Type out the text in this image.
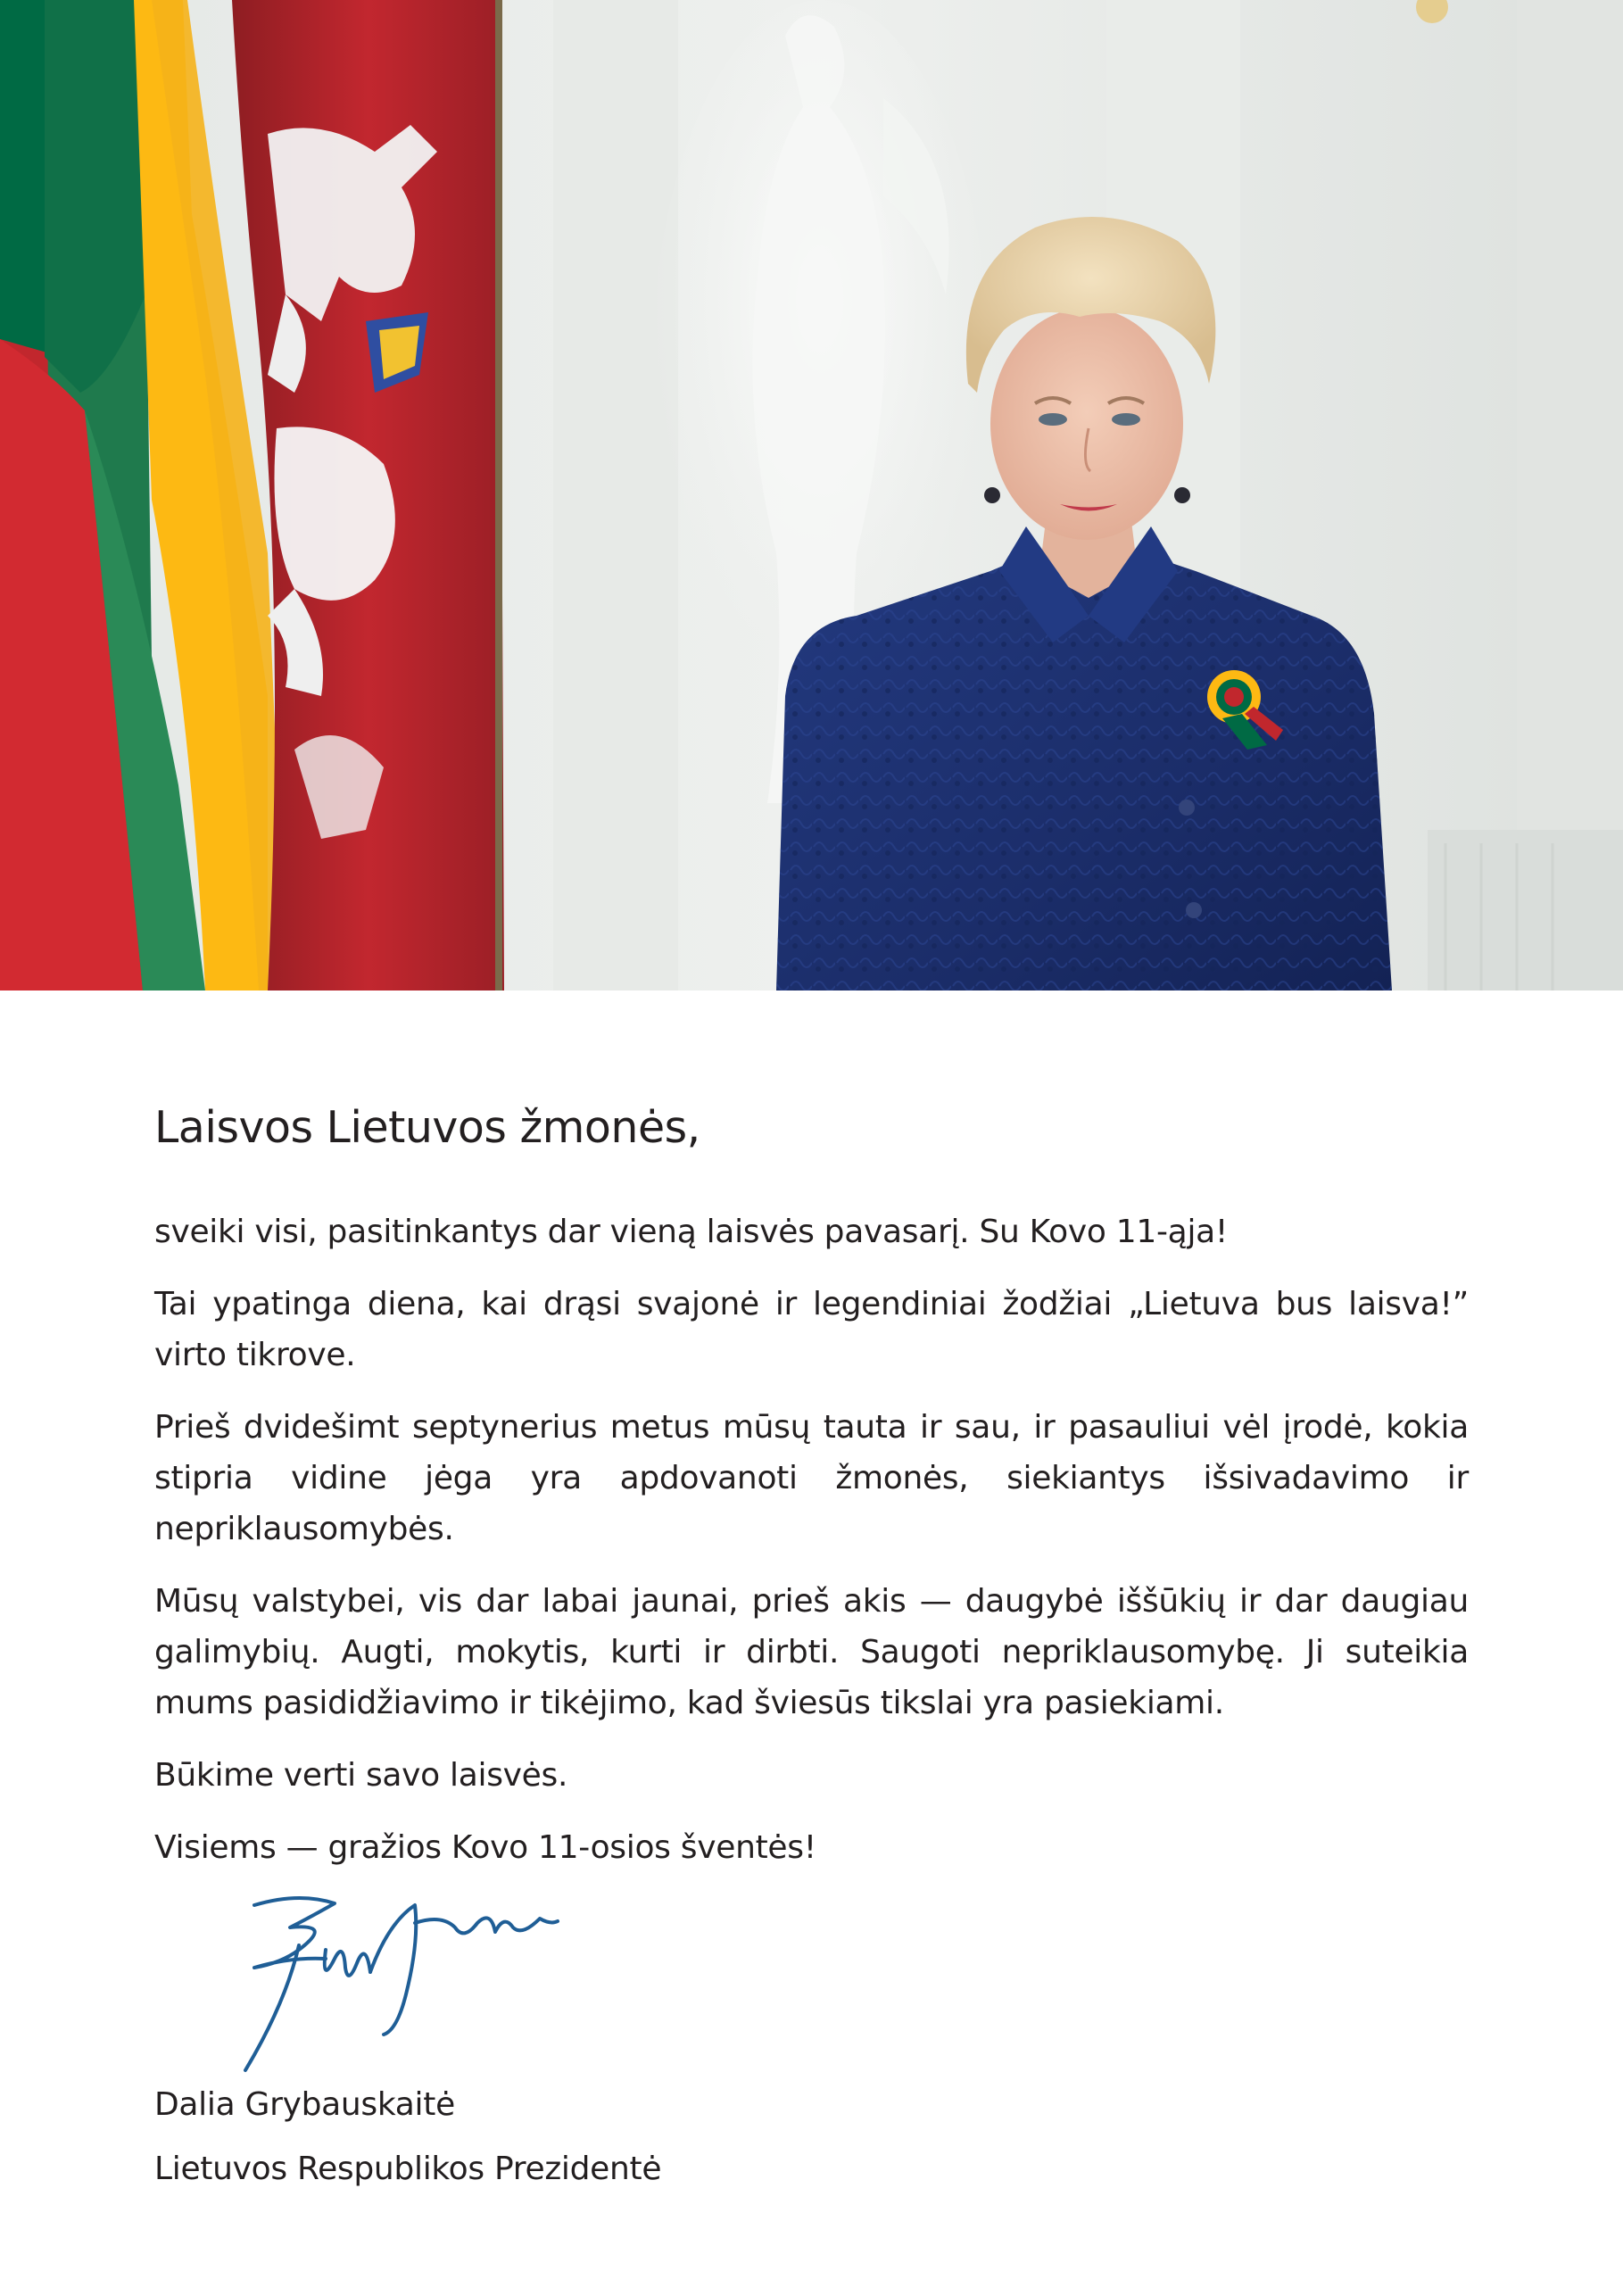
Laisvos Lietuvos žmonės,

sveiki visi, pasitinkantys dar vieną laisvės pavasarį. Su Kovo 11-ąja!

Tai ypatinga diena, kai drąsi svajonė ir legendiniai žodžiai „Lietuva bus laisva!” virto tikrove.

Prieš dvidešimt septynerius metus mūsų tauta ir sau, ir pasauliui vėl įrodė, kokia stipria vidine jėga yra apdovanoti žmonės, siekiantys išsivadavimo ir nepriklausomybės.

Mūsų valstybei, vis dar labai jaunai, prieš akis — daugybė iššūkių ir dar daugiau galimybių. Augti, mokytis, kurti ir dirbti. Saugoti nepriklausomybę. Ji suteikia mums pasididžiavimo ir tikėjimo, kad šviesūs tikslai yra pasiekiami.

Būkime verti savo laisvės.

Visiems — gražios Kovo 11-osios šventės!

Dalia Grybauskaitė

Lietuvos Respublikos Prezidentė
